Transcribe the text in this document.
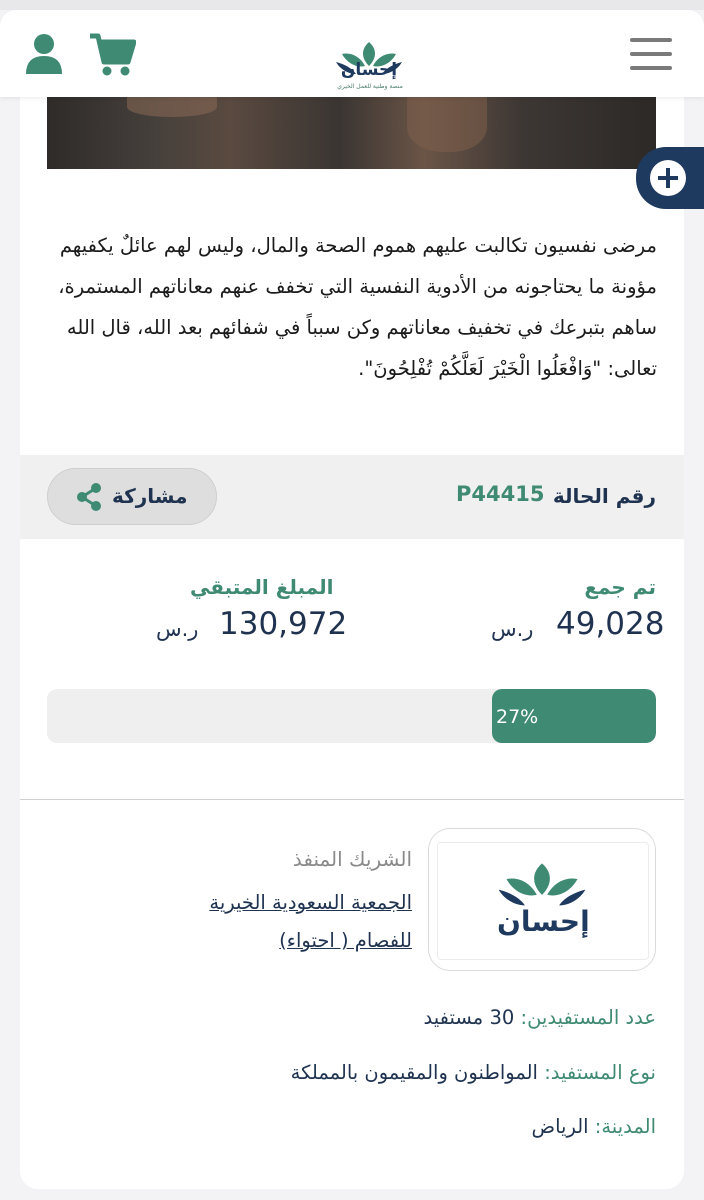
إحسان
منصة وطنية للعمل الخيري

مرضى نفسيون تكالبت عليهم هموم الصحة والمال، وليس لهم عائلٌ يكفيهم مؤونة ما يحتاجونه من الأدوية النفسية التي تخفف عنهم معاناتهم المستمرة، ساهم بتبرعك في تخفيف معاناتهم وكن سبباً في شفائهم بعد الله، قال الله تعالى: "وَافْعَلُوا الْخَيْرَ لَعَلَّكُمْ تُفْلِحُونَ".

رقم الحالة
P44415
مشاركة
تم جمع
49,028
ر.س
المبلغ المتبقي
130,972
ر.س
27%
إحسان
الشريك المنفذ

الجمعية السعودية الخيرية للفصام ( احتواء)

عدد المستفيدين: 30 مستفيد
نوع المستفيد: المواطنون والمقيمون بالمملكة
المدينة: الرياض
